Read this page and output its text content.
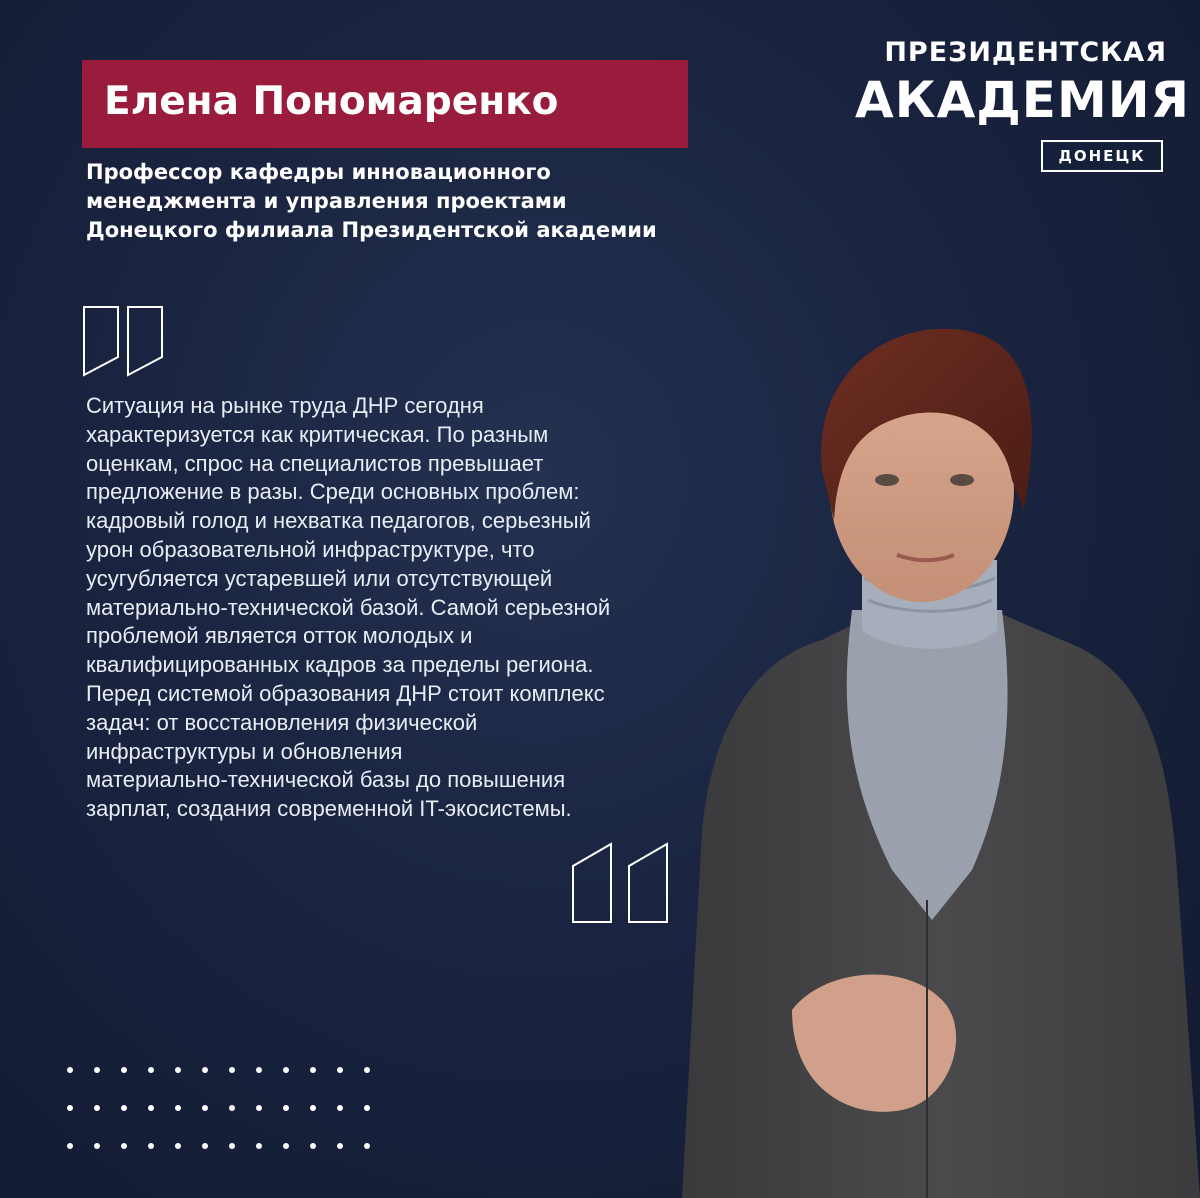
Елена Пономаренко
Профессор кафедры инновационного
менеджмента и управления проектами
Донецкого филиала Президентской академии
ПРЕЗИДЕНТСКАЯ
АКАДЕМИЯ
ДОНЕЦК
Ситуация на рынке труда ДНР сегодня
характеризуется как критическая. По разным
оценкам, спрос на специалистов превышает
предложение в разы. Среди основных проблем:
кадровый голод и нехватка педагогов, серьезный
урон образовательной инфраструктуре, что
усугубляется устаревшей или отсутствующей
материально-технической базой. Самой серьезной
проблемой является отток молодых и
квалифицированных кадров за пределы региона.
Перед системой образования ДНР стоит комплекс
задач: от восстановления физической
инфраструктуры и обновления
материально-технической базы до повышения
зарплат, создания современной IT-экосистемы.
